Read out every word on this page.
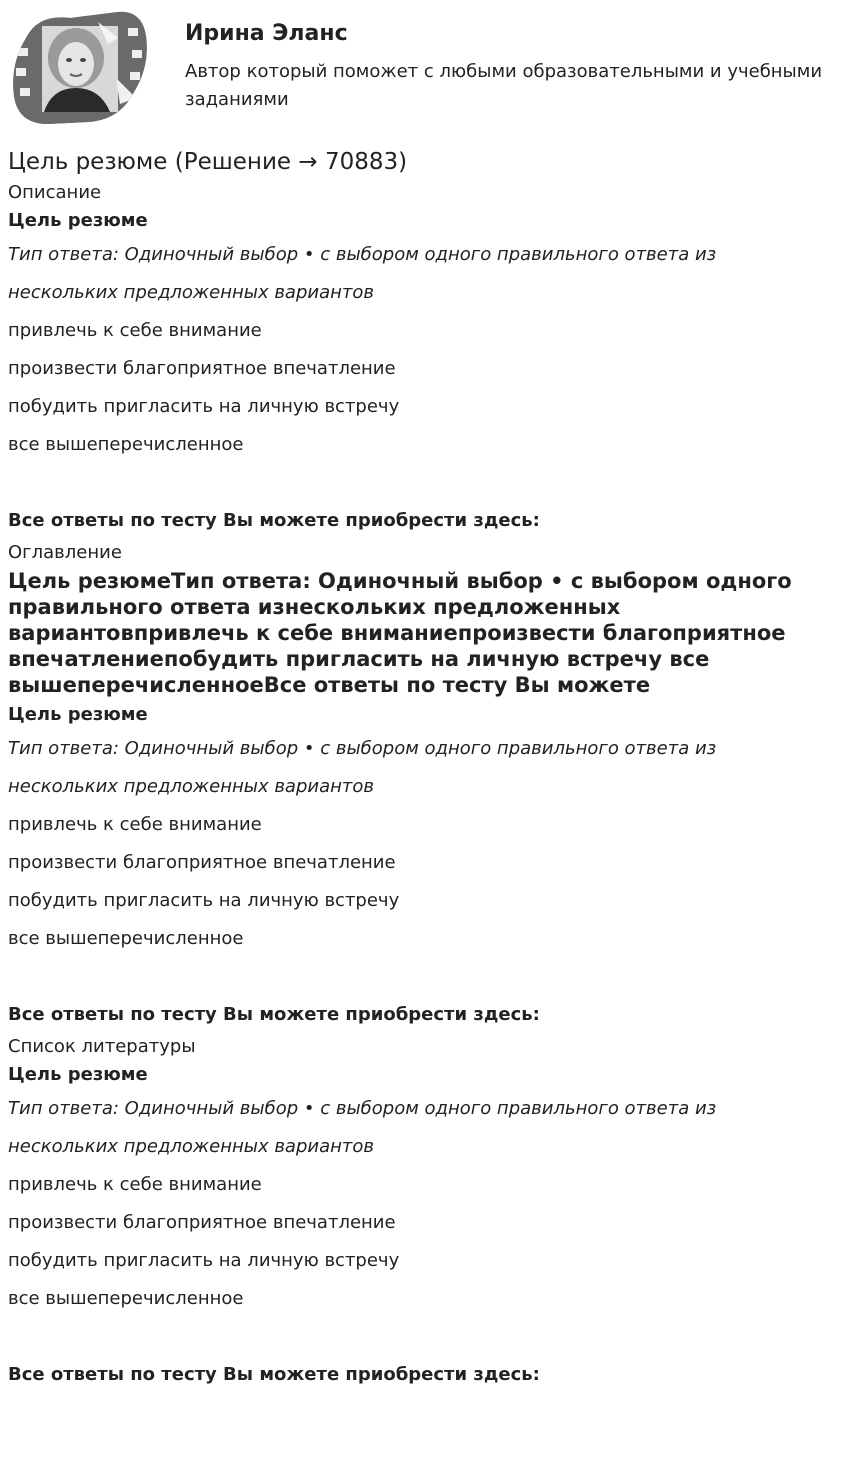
Ирина Эланс
Автор который поможет с любыми образовательными и учебными заданиями
Цель резюме (Решение → 70883)
Описание
Цель резюме
Тип ответа: Одиночный выбор • с выбором одного правильного ответа из
нескольких предложенных вариантов
привлечь к себе внимание
произвести благоприятное впечатление
побудить пригласить на личную встречу
все вышеперечисленное
Все ответы по тесту Вы можете приобрести здесь:
Оглавление
Цель резюмеТип ответа: Одиночный выбор • с выбором одного правильного ответа изнескольких предложенных вариантовпривлечь к себе вниманиепроизвести благоприятное впечатлениепобудить пригласить на личную встречу все вышеперечисленноеВсе ответы по тесту Вы можете
Цель резюме
Тип ответа: Одиночный выбор • с выбором одного правильного ответа из
нескольких предложенных вариантов
привлечь к себе внимание
произвести благоприятное впечатление
побудить пригласить на личную встречу
все вышеперечисленное
Все ответы по тесту Вы можете приобрести здесь:
Список литературы
Цель резюме
Тип ответа: Одиночный выбор • с выбором одного правильного ответа из
нескольких предложенных вариантов
привлечь к себе внимание
произвести благоприятное впечатление
побудить пригласить на личную встречу
все вышеперечисленное
Все ответы по тесту Вы можете приобрести здесь:
